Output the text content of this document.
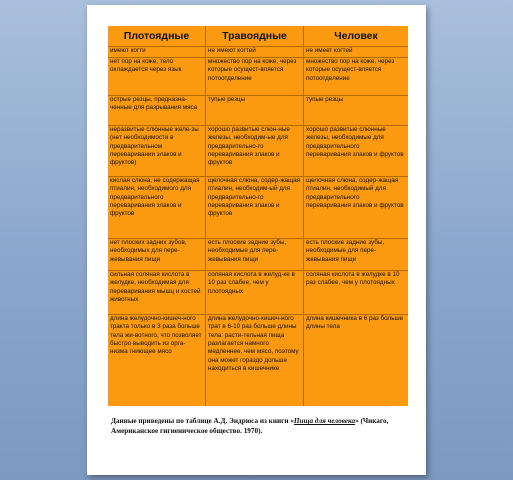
Плотоядные	Травоядные	Человек
имеют когти	не имеют когтей	не имеет когтей
нет пор на коже, тело охлаждается через язык	множество пор на коже, через которые осущест-вляется потоотделение	множество пор на коже, через которые осущест-вляется потоотделение
острые резцы, предназна-ченные для разрывания мяса	тупые резцы	тупые резцы
неразвитые слюнные желе-зы (нет необходимости в предварительном переваривании злаков и фруктов)	хорошо развитые слюн-ные железы, необходим-ые для предварительно-го переваривания злаков и фруктов	хорошо развитые слюнные железы, необходимые для предварительного переваривания злаков и фруктов
кислая слюна, не содержащая птиалин, необходимого для предварительного переваривания злаков и фруктов	щелочная слюна, содер-жащая птиалин, необходим-ый для предварительно-го переваривания злаков и фруктов	щелочная слюна, содер-жащая птиалин, необходимый для предварительного переваривания злаков и фруктов
нет плоских задних зубов, необходимых для пере-жевывания пищи	есть плоские задние зубы, необходимые для пере-жевывания пищи	есть плоские задние зубы, необходимые для пере-жевывания пищи
сильная соляная кислота в желудке, необходимая для переваривания мышц и костей животных	соляная кислота в желуд-ке в 10 раз слабее, чем у плотоядных	соляная кислота в желудке в 10 раз слабее, чем у плотоядных
длина желудочно-кишеч-ного тракта только в 3 раза больше тела жи-вотного, что позволяет быстро выводить из орга-низма гниющее мясо	длина желудочно-кишеч-ного трат в 6-10 раз больше длины тела: расти-тельная пища разлагается намного медленнее, чем мясо, поэтому она может гораздо дольше находиться в кишечнике	длина кишечника в 6 раз больше длины тела
Данные приведены по таблице А.Д. Эндрюса из книги «Пища для человека» (Чикаго, Американское гигиеническое общество. 1970).
